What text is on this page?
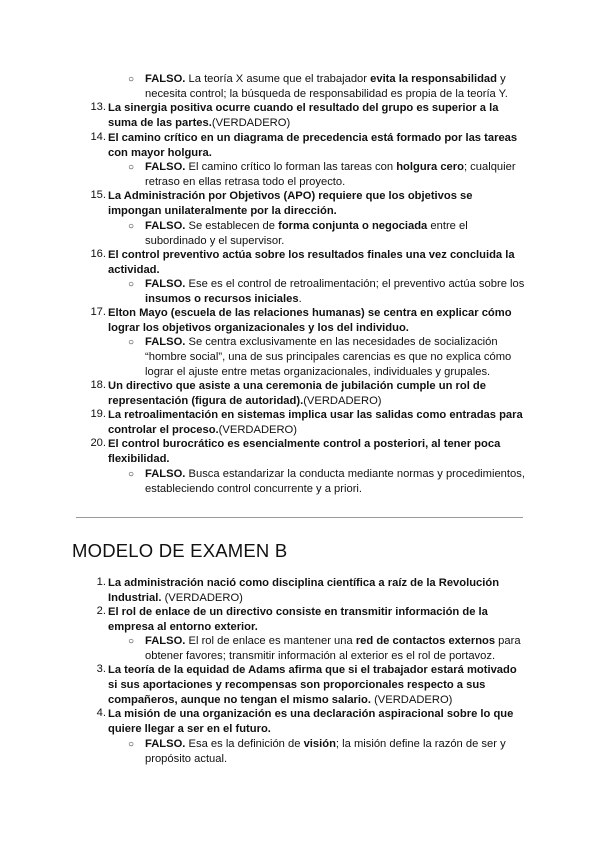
○ FALSO. La teoría X asume que el trabajador evita la responsabilidad y necesita control; la búsqueda de responsabilidad es propia de la teoría Y.
13. La sinergia positiva ocurre cuando el resultado del grupo es superior a la suma de las partes.(VERDADERO)
14. El camino crítico en un diagrama de precedencia está formado por las tareas con mayor holgura.
○ FALSO. El camino crítico lo forman las tareas con holgura cero; cualquier retraso en ellas retrasa todo el proyecto.
15. La Administración por Objetivos (APO) requiere que los objetivos se impongan unilateralmente por la dirección.
○ FALSO. Se establecen de forma conjunta o negociada entre el subordinado y el supervisor.
16. El control preventivo actúa sobre los resultados finales una vez concluida la actividad.
○ FALSO. Ese es el control de retroalimentación; el preventivo actúa sobre los insumos o recursos iniciales.
17. Elton Mayo (escuela de las relaciones humanas) se centra en explicar cómo lograr los objetivos organizacionales y los del individuo.
○ FALSO. Se centra exclusivamente en las necesidades de socialización “hombre social”, una de sus principales carencias es que no explica cómo lograr el ajuste entre metas organizacionales, individuales y grupales.
18. Un directivo que asiste a una ceremonia de jubilación cumple un rol de representación (figura de autoridad).(VERDADERO)
19. La retroalimentación en sistemas implica usar las salidas como entradas para controlar el proceso.(VERDADERO)
20. El control burocrático es esencialmente control a posteriori, al tener poca flexibilidad.
○ FALSO. Busca estandarizar la conducta mediante normas y procedimientos, estableciendo control concurrente y a priori.
MODELO DE EXAMEN B
1. La administración nació como disciplina científica a raíz de la Revolución Industrial. (VERDADERO)
2. El rol de enlace de un directivo consiste en transmitir información de la empresa al entorno exterior.
○ FALSO. El rol de enlace es mantener una red de contactos externos para obtener favores; transmitir información al exterior es el rol de portavoz.
3. La teoría de la equidad de Adams afirma que si el trabajador estará motivado si sus aportaciones y recompensas son proporcionales respecto a sus compañeros, aunque no tengan el mismo salario. (VERDADERO)
4. La misión de una organización es una declaración aspiracional sobre lo que quiere llegar a ser en el futuro.
○ FALSO. Esa es la definición de visión; la misión define la razón de ser y propósito actual.
